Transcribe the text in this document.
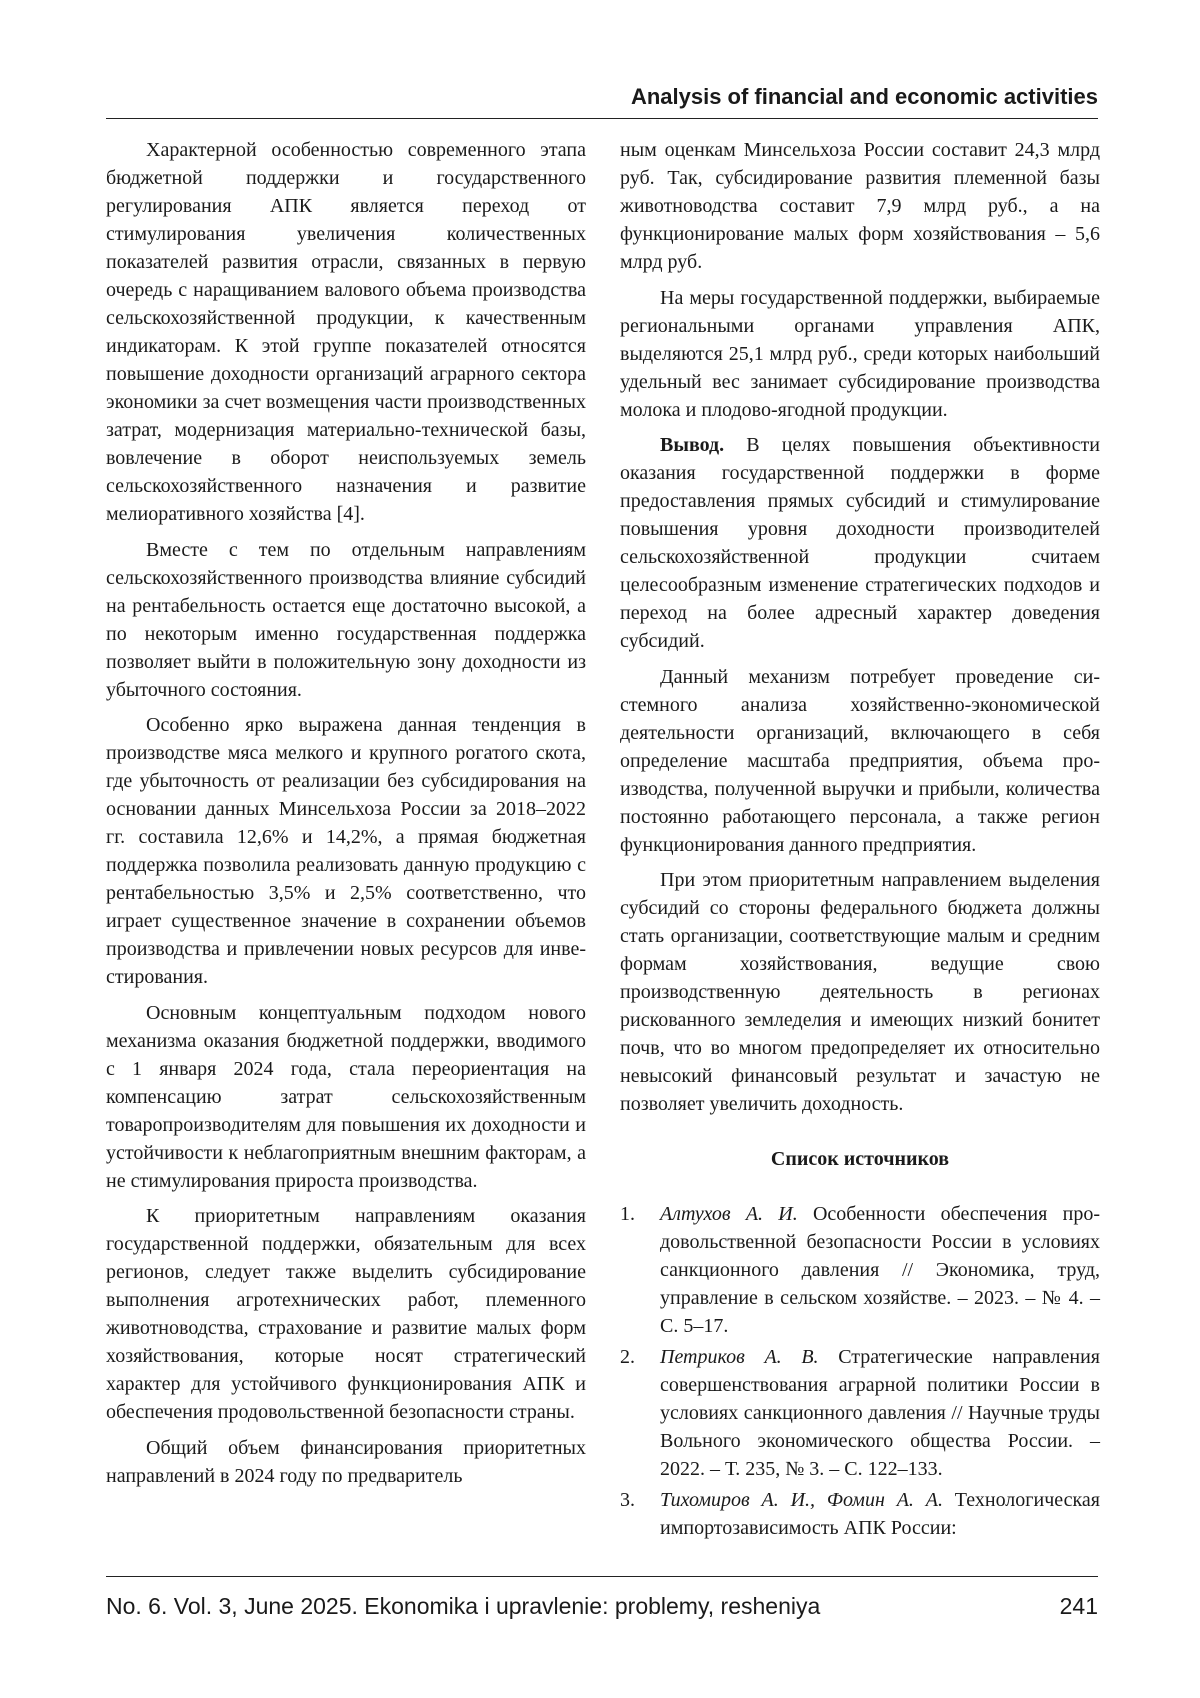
Analysis of financial and economic activities

Характерной особенностью современного этапа бюджетной поддержки и государственного регулирования АПК является переход от стимулирования увеличения количественных показателей развития отрасли, связанных в первую очередь с наращиванием валового объема производства сельскохозяйственной продукции, к качественным индикаторам. К этой группе показателей относятся повышение доходности организаций аграрного сектора экономики за счет возмещения части производственных затрат, модернизация материально-технической базы, вовлечение в оборот неиспользуемых земель сельскохозяйственного назначения и развитие мелиоративного хозяйства [4].

Вместе с тем по отдельным направлениям сельскохозяйственного производства влияние субсидий на рентабельность остается еще достаточно высокой, а по некоторым именно государственная поддержка позволяет выйти в положительную зону доходности из убыточного состояния.

Особенно ярко выражена данная тенденция в производстве мяса мелкого и крупного рогатого скота, где убыточность от реализации без субсидирования на основании данных Минсельхоза России за 2018–2022 гг. составила 12,6% и 14,2%, а прямая бюджетная поддержка позволила реализовать данную продукцию с рентабельностью 3,5% и 2,5% соответственно, что играет существенное значение в сохранении объемов производства и привлечении новых ресурсов для инвестирования.

Основным концептуальным подходом нового механизма оказания бюджетной поддержки, вводимого с 1 января 2024 года, стала переориентация на компенсацию затрат сельскохозяйственным товаропроизводителям для повышения их доходности и устойчивости к неблагоприятным внешним факторам, а не стимулирования прироста производства.

К приоритетным направлениям оказания государственной поддержки, обязательным для всех регионов, следует также выделить субсидирование выполнения агротехнических работ, племенного животноводства, страхование и развитие малых форм хозяйствования, которые носят стратегический характер для устойчивого функционирования АПК и обеспечения продовольственной безопасности страны.

Общий объем финансирования приоритетных направлений в 2024 году по предваритель

ным оценкам Минсельхоза России составит 24,3 млрд руб. Так, субсидирование развития племенной базы животноводства составит 7,9 млрд руб., а на функционирование малых форм хозяйствования – 5,6 млрд руб.

На меры государственной поддержки, выбираемые региональными органами управления АПК, выделяются 25,1 млрд руб., среди которых наибольший удельный вес занимает субсидирование производства молока и плодово-ягодной продукции.

Вывод. В целях повышения объективности оказания государственной поддержки в форме предоставления прямых субсидий и стимулирование повышения уровня доходности производителей сельскохозяйственной продукции считаем целесообразным изменение стратегических подходов и переход на более адресный характер доведения субсидий.

Данный механизм потребует проведение системного анализа хозяйственно-экономической деятельности организаций, включающего в себя определение масштаба предприятия, объема производства, полученной выручки и прибыли, количества постоянно работающего персонала, а также регион функционирования данного предприятия.

При этом приоритетным направлением выделения субсидий со стороны федерального бюджета должны стать организации, соответствующие малым и средним формам хозяйствования, ведущие свою производственную деятельность в регионах рискованного земледелия и имеющих низкий бонитет почв, что во многом предопределяет их относительно невысокий финансовый результат и зачастую не позволяет увеличить доходность.

Список источников
1. Алтухов А. И. Особенности обеспечения продовольственной безопасности России в условиях санкционного давления // Экономика, труд, управление в сельском хозяйстве. – 2023. – № 4. – С. 5–17.
2. Петриков А. В. Стратегические направления совершенствования аграрной политики России в условиях санкционного давления // Научные труды Вольного экономического общества России. – 2022. – Т. 235, № 3. – С. 122–133.
3. Тихомиров А. И., Фомин А. А. Технологическая импортозависимость АПК России:
No. 6. Vol. 3, June 2025. Ekonomika i upravlenie: problemy, resheniya	241
